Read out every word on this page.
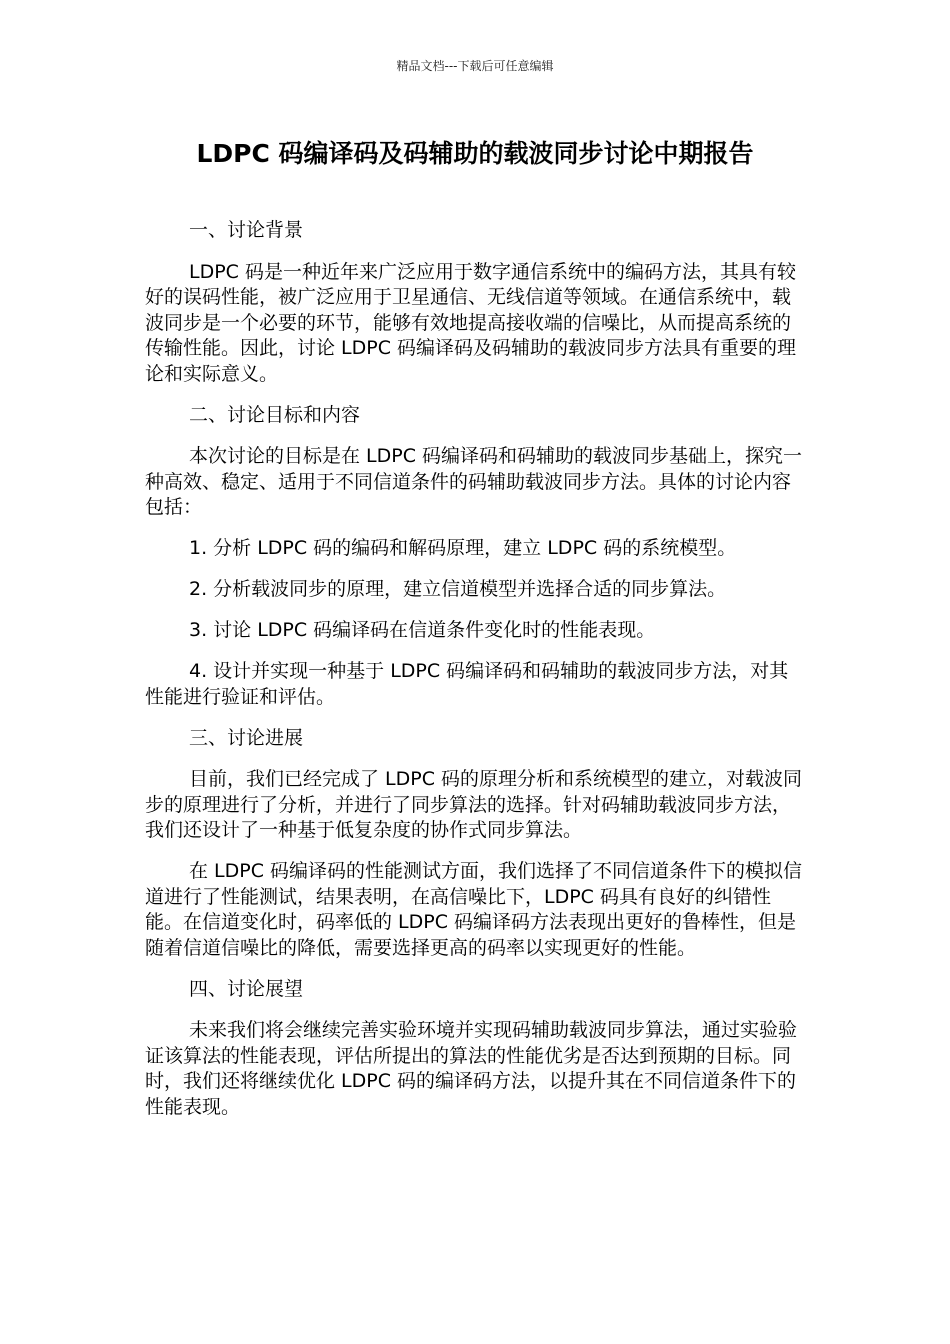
精品文档---下载后可任意编辑
LDPC 码编译码及码辅助的载波同步讨论中期报告

一、讨论背景

LDPC 码是一种近年来广泛应用于数字通信系统中的编码方法，其具有较好的误码性能，被广泛应用于卫星通信、无线信道等领域。在通信系统中，载波同步是一个必要的环节，能够有效地提高接收端的信噪比，从而提高系统的传输性能。因此，讨论 LDPC 码编译码及码辅助的载波同步方法具有重要的理论和实际意义。

二、讨论目标和内容

本次讨论的目标是在 LDPC 码编译码和码辅助的载波同步基础上，探究一种高效、稳定、适用于不同信道条件的码辅助载波同步方法。具体的讨论内容包括：

1. 分析 LDPC 码的编码和解码原理，建立 LDPC 码的系统模型。

2. 分析载波同步的原理，建立信道模型并选择合适的同步算法。

3. 讨论 LDPC 码编译码在信道条件变化时的性能表现。

4. 设计并实现一种基于 LDPC 码编译码和码辅助的载波同步方法，对其性能进行验证和评估。

三、讨论进展

目前，我们已经完成了 LDPC 码的原理分析和系统模型的建立，对载波同步的原理进行了分析，并进行了同步算法的选择。针对码辅助载波同步方法，我们还设计了一种基于低复杂度的协作式同步算法。

在 LDPC 码编译码的性能测试方面，我们选择了不同信道条件下的模拟信道进行了性能测试，结果表明，在高信噪比下，LDPC 码具有良好的纠错性能。在信道变化时，码率低的 LDPC 码编译码方法表现出更好的鲁棒性，但是随着信道信噪比的降低，需要选择更高的码率以实现更好的性能。

四、讨论展望

未来我们将会继续完善实验环境并实现码辅助载波同步算法，通过实验验证该算法的性能表现，评估所提出的算法的性能优劣是否达到预期的目标。同时，我们还将继续优化 LDPC 码的编译码方法，以提升其在不同信道条件下的性能表现。
